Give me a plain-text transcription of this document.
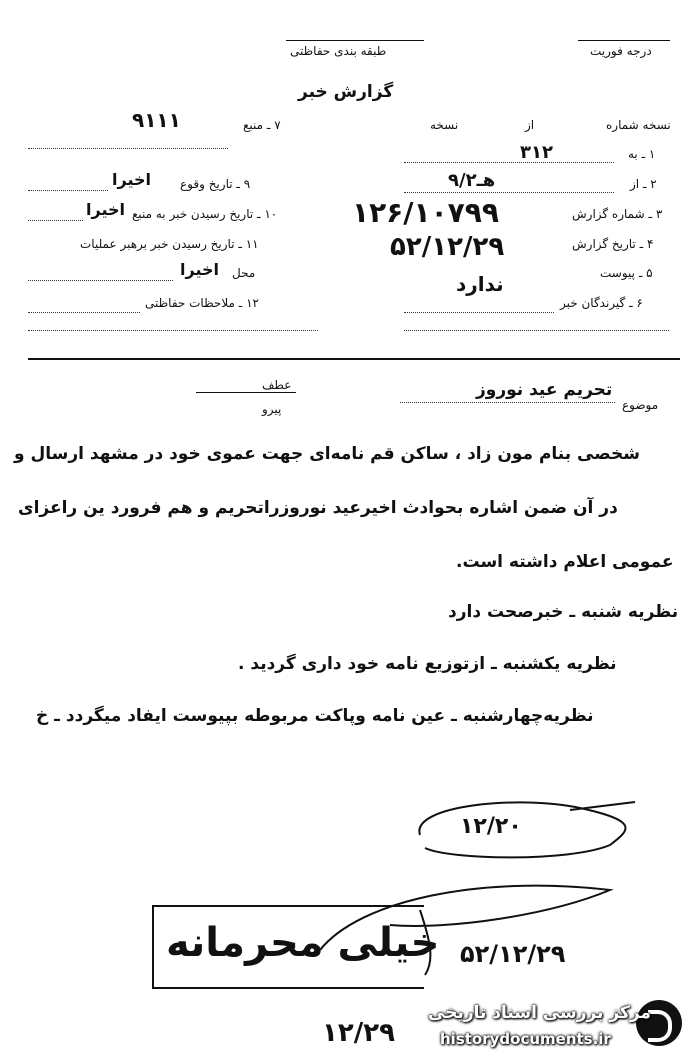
درجه فوریت
طبقه بندی حفاظتی
گزارش خبر
نسخه شماره
از
۱ ـ به
۳۱۲
۲ ـ از
۹/هـ۲
۳ ـ شماره گزارش
۱۲۶/۱۰۷۹۹
۴ ـ تاریخ گزارش
۵۲/۱۲/۲۹
۵ ـ پیوست
ندارد
۶ ـ گیرندگان خبر
نسخه
۷ ـ منبع
۹۱۱۱
۹ ـ تاریخ وقوع
اخیرا
۱۰ ـ تاریخ رسیدن خبر به منبع
اخیرا
۱۱ ـ تاریخ رسیدن خبر برهبر عملیات
محل
اخیرا
۱۲ ـ ملاحظات حفاظتی
موضوع
تحریم عید نوروز
عطف
پیرو
شخصی بنام مون زاد ، ساکن قم نامه‌ای جهت عموی خود در مشهد ارسال و
در آن ضمن اشاره بحوادث اخیرعید نوروزراتحریم و هم فرورد ین راعزای
عمومی اعلام داشته است.
نظریه شنبه ـ خبرصحت دارد
نظریه یکشنبه ـ ازتوزیع نامه خود داری گردید .
نظریه‌چهارشنبه ـ عین نامه وپاکت مربوطه بپیوست ایفاد میگردد ـ خ
۱۲/۲۰
خیلی محرمانه ۵۲/۱۲/۲۹
۱۲/۲۹
مرکز بررسی اسناد تاریخی
historydocuments.ir
